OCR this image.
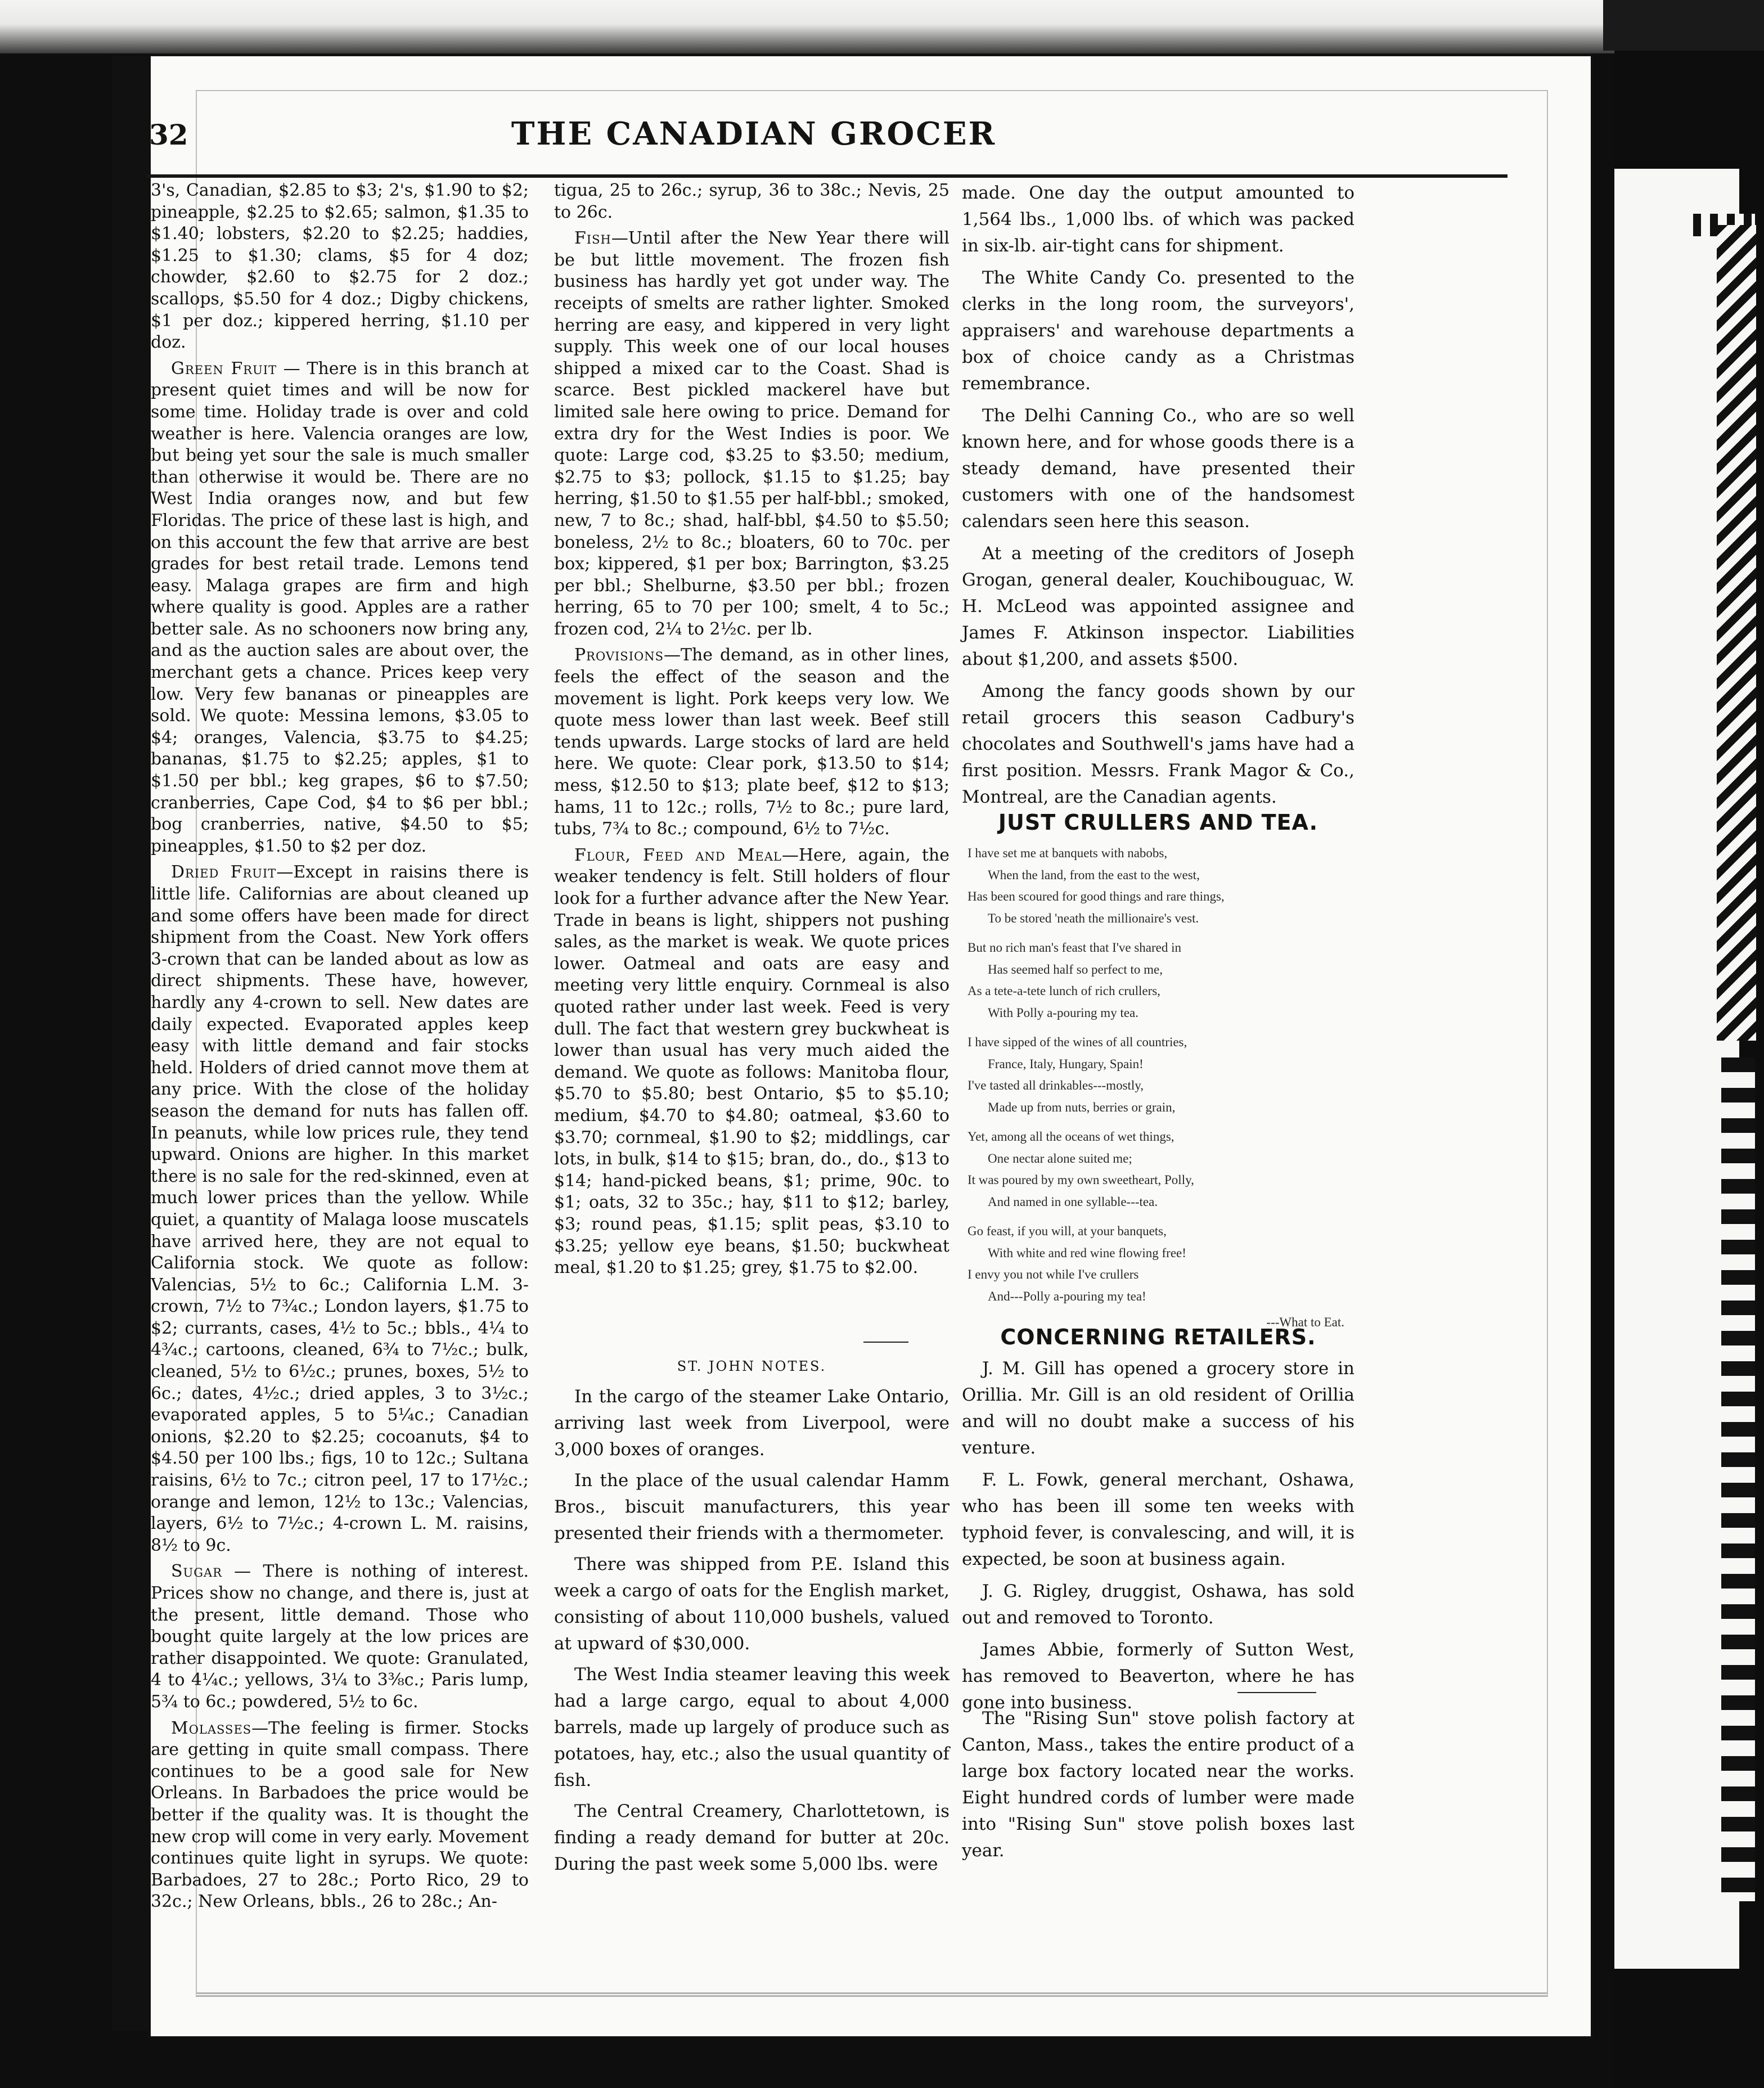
32	THE CANADIAN GROCER

3's, Canadian, $2.85 to $3; 2's, $1.90 to $2; pineapple, $2.25 to $2.65; salmon, $1.35 to $1.40; lobsters, $2.20 to $2.25; haddies, $1.25 to $1.30; clams, $5 for 4 doz; chowder, $2.60 to $2.75 for 2 doz.; scallops, $5.50 for 4 doz.; Digby chickens, $1 per doz.; kippered herring, $1.10 per doz.

Green Fruit — There is in this branch at present quiet times and will be now for some time. Holiday trade is over and cold weather is here. Valencia oranges are low, but being yet sour the sale is much smaller than otherwise it would be. There are no West India oranges now, and but few Floridas. The price of these last is high, and on this account the few that arrive are best grades for best retail trade. Lemons tend easy. Malaga grapes are firm and high where quality is good. Apples are a rather better sale. As no schooners now bring any, and as the auction sales are about over, the merchant gets a chance. Prices keep very low. Very few bananas or pineapples are sold. We quote: Messina lemons, $3.05 to $4; oranges, Valencia, $3.75 to $4.25; bananas, $1.75 to $2.25; apples, $1 to $1.50 per bbl.; keg grapes, $6 to $7.50; cranberries, Cape Cod, $4 to $6 per bbl.; bog cranberries, native, $4.50 to $5; pineapples, $1.50 to $2 per doz.

Dried Fruit—Except in raisins there is little life. Californias are about cleaned up and some offers have been made for direct shipment from the Coast. New York offers 3-crown that can be landed about as low as direct shipments. These have, however, hardly any 4-crown to sell. New dates are daily expected. Evaporated apples keep easy with little demand and fair stocks held. Holders of dried cannot move them at any price. With the close of the holiday season the demand for nuts has fallen off. In peanuts, while low prices rule, they tend upward. Onions are higher. In this market there is no sale for the red-skinned, even at much lower prices than the yellow. While quiet, a quantity of Malaga loose muscatels have arrived here, they are not equal to California stock. We quote as follow: Valencias, 5½ to 6c.; California L.M. 3-crown, 7½ to 7¾c.; London layers, $1.75 to $2; currants, cases, 4½ to 5c.; bbls., 4¼ to 4¾c.; cartoons, cleaned, 6¾ to 7½c.; bulk, cleaned, 5½ to 6½c.; prunes, boxes, 5½ to 6c.; dates, 4½c.; dried apples, 3 to 3½c.; evaporated apples, 5 to 5¼c.; Canadian onions, $2.20 to $2.25; cocoanuts, $4 to $4.50 per 100 lbs.; figs, 10 to 12c.; Sultana raisins, 6½ to 7c.; citron peel, 17 to 17½c.; orange and lemon, 12½ to 13c.; Valencias, layers, 6½ to 7½c.; 4-crown L. M. raisins, 8½ to 9c.

Sugar — There is nothing of interest. Prices show no change, and there is, just at the present, little demand. Those who bought quite largely at the low prices are rather disappointed. We quote: Granulated, 4 to 4¼c.; yellows, 3¼ to 3⅜c.; Paris lump, 5¾ to 6c.; powdered, 5½ to 6c.

Molasses—The feeling is firmer. Stocks are getting in quite small compass. There continues to be a good sale for New Orleans. In Barbadoes the price would be better if the quality was. It is thought the new crop will come in very early. Movement continues quite light in syrups. We quote: Barbadoes, 27 to 28c.; Porto Rico, 29 to 32c.; New Orleans, bbls., 26 to 28c.; An-

tigua, 25 to 26c.; syrup, 36 to 38c.; Nevis, 25 to 26c.

Fish—Until after the New Year there will be but little movement. The frozen fish business has hardly yet got under way. The receipts of smelts are rather lighter. Smoked herring are easy, and kippered in very light supply. This week one of our local houses shipped a mixed car to the Coast. Shad is scarce. Best pickled mackerel have but limited sale here owing to price. Demand for extra dry for the West Indies is poor. We quote: Large cod, $3.25 to $3.50; medium, $2.75 to $3; pollock, $1.15 to $1.25; bay herring, $1.50 to $1.55 per half-bbl.; smoked, new, 7 to 8c.; shad, half-bbl, $4.50 to $5.50; boneless, 2½ to 8c.; bloaters, 60 to 70c. per box; kippered, $1 per box; Barrington, $3.25 per bbl.; Shelburne, $3.50 per bbl.; frozen herring, 65 to 70 per 100; smelt, 4 to 5c.; frozen cod, 2¼ to 2½c. per lb.

Provisions—The demand, as in other lines, feels the effect of the season and the movement is light. Pork keeps very low. We quote mess lower than last week. Beef still tends upwards. Large stocks of lard are held here. We quote: Clear pork, $13.50 to $14; mess, $12.50 to $13; plate beef, $12 to $13; hams, 11 to 12c.; rolls, 7½ to 8c.; pure lard, tubs, 7¾ to 8c.; compound, 6½ to 7½c.

Flour, Feed and Meal—Here, again, the weaker tendency is felt. Still holders of flour look for a further advance after the New Year. Trade in beans is light, shippers not pushing sales, as the market is weak. We quote prices lower. Oatmeal and oats are easy and meeting very little enquiry. Cornmeal is also quoted rather under last week. Feed is very dull. The fact that western grey buckwheat is lower than usual has very much aided the demand. We quote as follows: Manitoba flour, $5.70 to $5.80; best Ontario, $5 to $5.10; medium, $4.70 to $4.80; oatmeal, $3.60 to $3.70; cornmeal, $1.90 to $2; middlings, car lots, in bulk, $14 to $15; bran, do., do., $13 to $14; hand-picked beans, $1; prime, 90c. to $1; oats, 32 to 35c.; hay, $11 to $12; barley, $3; round peas, $1.15; split peas, $3.10 to $3.25; yellow eye beans, $1.50; buckwheat meal, $1.20 to $1.25; grey, $1.75 to $2.00.

ST. JOHN NOTES.

In the cargo of the steamer Lake Ontario, arriving last week from Liverpool, were 3,000 boxes of oranges.

In the place of the usual calendar Hamm Bros., biscuit manufacturers, this year presented their friends with a thermometer.

There was shipped from P.E. Island this week a cargo of oats for the English market, consisting of about 110,000 bushels, valued at upward of $30,000.

The West India steamer leaving this week had a large cargo, equal to about 4,000 barrels, made up largely of produce such as potatoes, hay, etc.; also the usual quantity of fish.

The Central Creamery, Charlottetown, is finding a ready demand for butter at 20c. During the past week some 5,000 lbs. were

made. One day the output amounted to 1,564 lbs., 1,000 lbs. of which was packed in six-lb. air-tight cans for shipment.

The White Candy Co. presented to the clerks in the long room, the surveyors', appraisers' and warehouse departments a box of choice candy as a Christmas remembrance.

The Delhi Canning Co., who are so well known here, and for whose goods there is a steady demand, have presented their customers with one of the handsomest calendars seen here this season.

At a meeting of the creditors of Joseph Grogan, general dealer, Kouchibouguac, W. H. McLeod was appointed assignee and James F. Atkinson inspector. Liabilities about $1,200, and assets $500.

Among the fancy goods shown by our retail grocers this season Cadbury's chocolates and Southwell's jams have had a first position. Messrs. Frank Magor & Co., Montreal, are the Canadian agents.

JUST CRULLERS AND TEA.
I have set me at banquets with nabobs,
When the land, from the east to the west,
Has been scoured for good things and rare things,
To be stored 'neath the millionaire's vest.
But no rich man's feast that I've shared in
Has seemed half so perfect to me,
As a tete-a-tete lunch of rich crullers,
With Polly a-pouring my tea.
I have sipped of the wines of all countries,
France, Italy, Hungary, Spain!
I've tasted all drinkables---mostly,
Made up from nuts, berries or grain,
Yet, among all the oceans of wet things,
One nectar alone suited me;
It was poured by my own sweetheart, Polly,
And named in one syllable---tea.
Go feast, if you will, at your banquets,
With white and red wine flowing free!
I envy you not while I've crullers
And---Polly a-pouring my tea!
---What to Eat.
CONCERNING RETAILERS.

J. M. Gill has opened a grocery store in Orillia. Mr. Gill is an old resident of Orillia and will no doubt make a success of his venture.

F. L. Fowk, general merchant, Oshawa, who has been ill some ten weeks with typhoid fever, is convalescing, and will, it is expected, be soon at business again.

J. G. Rigley, druggist, Oshawa, has sold out and removed to Toronto.

James Abbie, formerly of Sutton West, has removed to Beaverton, where he has gone into business.

The "Rising Sun" stove polish factory at Canton, Mass., takes the entire product of a large box factory located near the works. Eight hundred cords of lumber were made into "Rising Sun" stove polish boxes last year.
